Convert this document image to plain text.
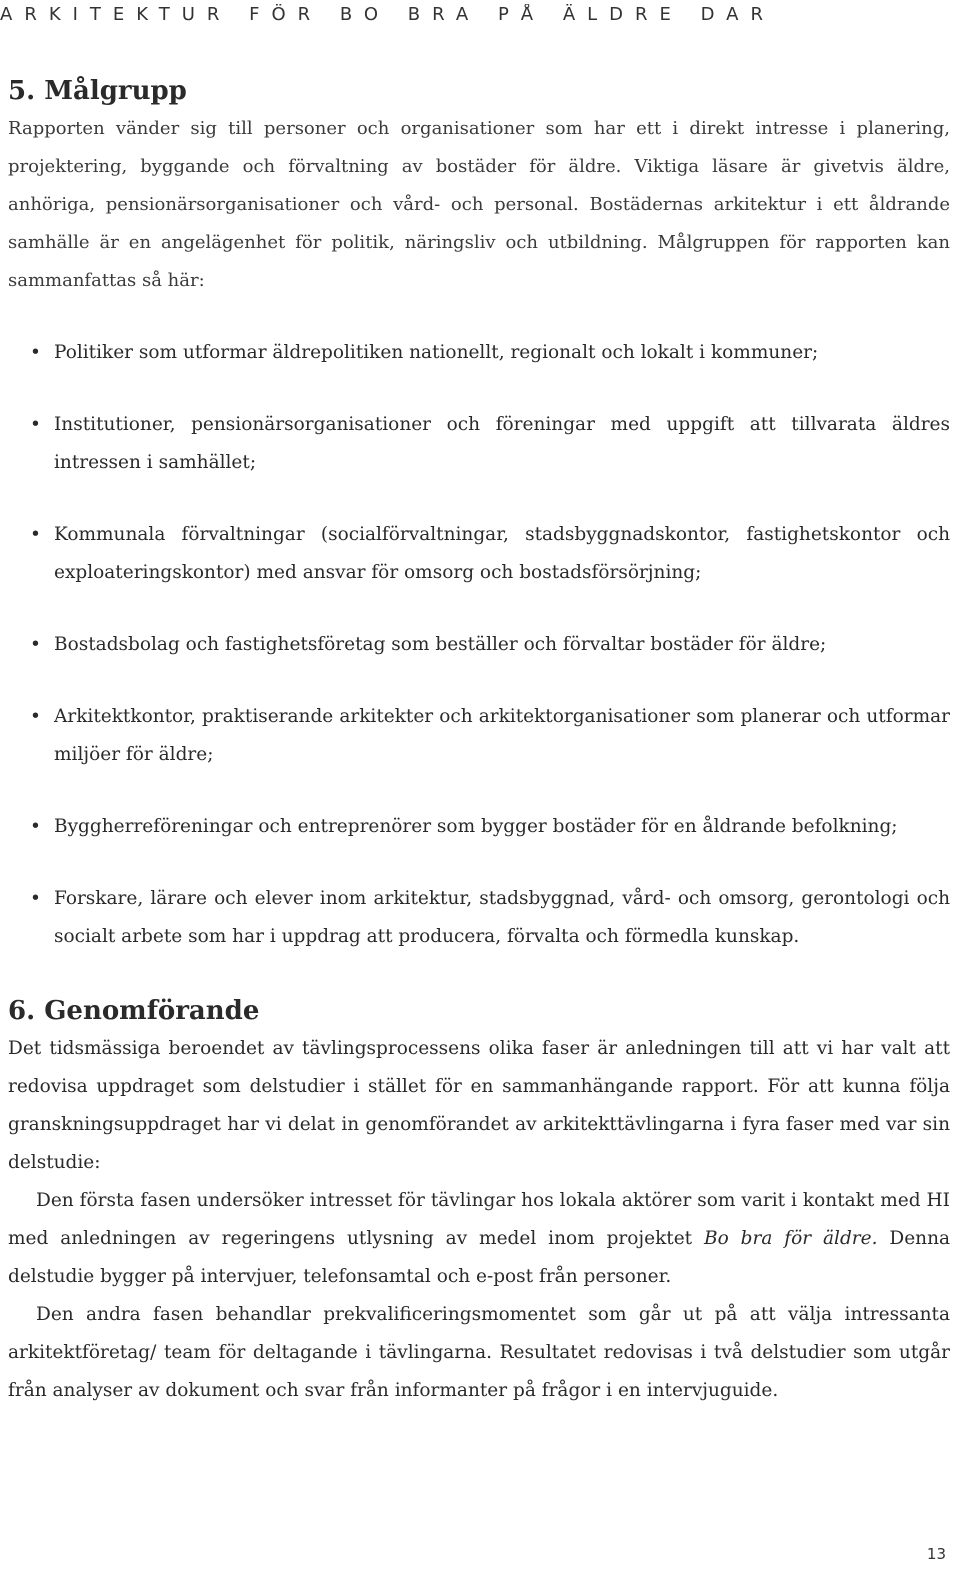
ARKITEKTUR FÖR BO BRA PÅ ÄLDRE DAR
5. Målgrupp

Rapporten vänder sig till personer och organisationer som har ett i direkt intresse i planering, projektering, byggande och förvaltning av bostäder för äldre. Viktiga läsare är givetvis äldre, anhöriga, pensionärsorganisationer och vård- och personal. Bostädernas arkitektur i ett åldrande samhälle är en angelägenhet för politik, näringsliv och utbildning. Målgruppen för rapporten kan sammanfattas så här:

• Politiker som utformar äldrepolitiken nationellt, regionalt och lokalt i kommuner;
• Institutioner, pensionärsorganisationer och föreningar med uppgift att tillvarata äldres intressen i samhället;
• Kommunala förvaltningar (socialförvaltningar, stadsbyggnadskontor, fastighetskontor och exploateringskontor) med ansvar för omsorg och bostadsförsörjning;
• Bostadsbolag och fastighetsföretag som beställer och förvaltar bostäder för äldre;
• Arkitektkontor, praktiserande arkitekter och arkitektorganisationer som planerar och utformar miljöer för äldre;
• Byggherreföreningar och entreprenörer som bygger bostäder för en åldrande befolkning;
• Forskare, lärare och elever inom arkitektur, stadsbyggnad, vård- och omsorg, gerontologi och socialt arbete som har i uppdrag att producera, förvalta och förmedla kunskap.
6. Genomförande

Det tidsmässiga beroendet av tävlingsprocessens olika faser är anledningen till att vi har valt att redovisa uppdraget som delstudier i stället för en sammanhängande rapport. För att kunna följa granskningsuppdraget har vi delat in genomförandet av arkitekttävlingarna i fyra faser med var sin delstudie:

Den första fasen undersöker intresset för tävlingar hos lokala aktörer som varit i kontakt med HI med anledningen av regeringens utlysning av medel inom projektet Bo bra för äldre. Denna delstudie bygger på intervjuer, telefonsamtal och e-post från personer.

Den andra fasen behandlar prekvalificeringsmomentet som går ut på att välja intressanta arkitektföretag/ team för deltagande i tävlingarna. Resultatet redovisas i två delstudier som utgår från analyser av dokument och svar från informanter på frågor i en intervjuguide.

13
